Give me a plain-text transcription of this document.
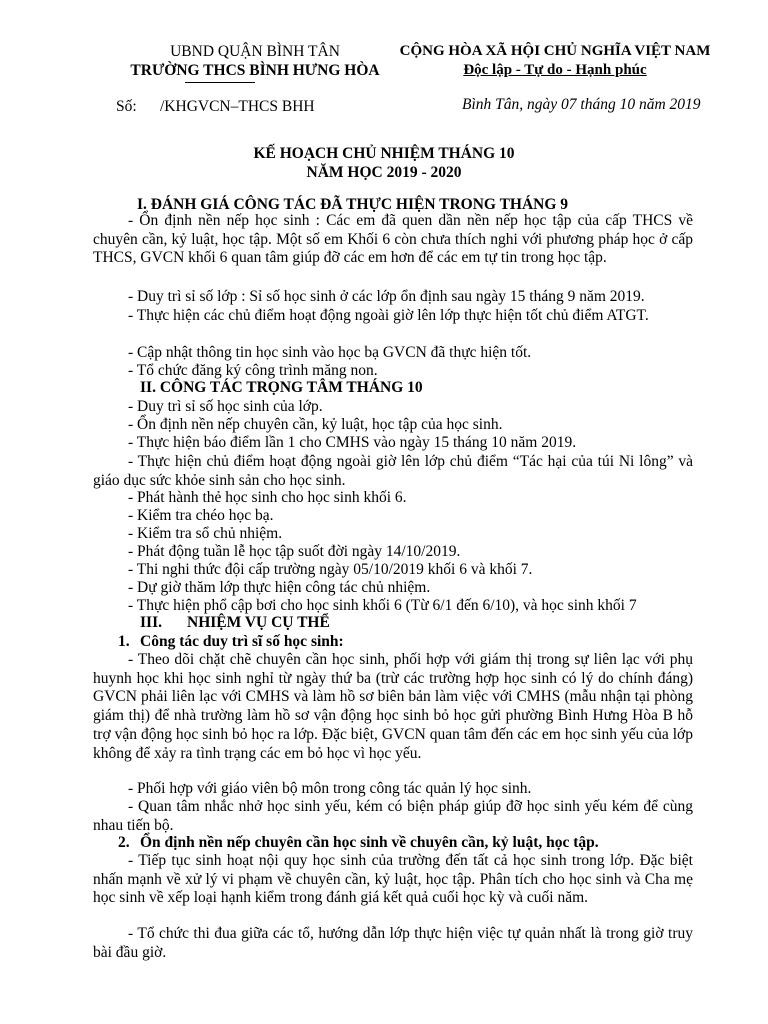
UBND QUẬN BÌNH TÂN
TRƯỜNG THCS BÌNH HƯNG HÒA
CỘNG HÒA XÃ HỘI CHỦ NGHĨA VIỆT NAM
Độc lập - Tự do - Hạnh phúc
Số: /KHGVCN–THCS BHH	Bình Tân, ngày 07 tháng 10 năm 2019
KẾ HOẠCH CHỦ NHIỆM THÁNG 10
NĂM HỌC 2019 - 2020
I. ĐÁNH GIÁ CÔNG TÁC ĐÃ THỰC HIỆN TRONG THÁNG 9
- Ổn định nền nếp học sinh : Các em đã quen dần nền nếp học tập của cấp THCS về chuyên cần, kỷ luật, học tập. Một số em Khối 6 còn chưa thích nghi với phương pháp học ở cấp THCS, GVCN khối 6 quan tâm giúp đỡ các em hơn để các em tự tin trong học tập.
- Duy trì sỉ số lớp : Sỉ số học sinh ở các lớp ổn định sau ngày 15 tháng 9 năm 2019.
- Thực hiện các chủ điểm hoạt động ngoài giờ lên lớp thực hiện tốt chủ điểm ATGT.
- Cập nhật thông tin học sinh vào học bạ GVCN đã thực hiện tốt.
- Tổ chức đăng ký công trình măng non.
II. CÔNG TÁC TRỌNG TÂM THÁNG 10
- Duy trì sỉ số học sinh của lớp.
- Ổn định nền nếp chuyên cần, kỷ luật, học tập của học sinh.
- Thực hiện báo điểm lần 1 cho CMHS vào ngày 15 tháng 10 năm 2019.
- Thực hiện chủ điểm hoạt động ngoài giờ lên lớp chủ điểm “Tác hại của túi Ni lông” và giáo dục sức khỏe sinh sản cho học sinh.
- Phát hành thẻ học sinh cho học sinh khối 6.
- Kiểm tra chéo học bạ.
- Kiểm tra sổ chủ nhiệm.
- Phát động tuần lễ học tập suốt đời ngày 14/10/2019.
- Thi nghi thức đội cấp trường ngày 05/10/2019 khối 6 và khối 7.
- Dự giờ thăm lớp thực hiện công tác chủ nhiệm.
- Thực hiện phổ cập bơi cho học sinh khối 6 (Từ 6/1 đến 6/10), và học sinh khối 7
III. NHIỆM VỤ CỤ THỂ
1. Công tác duy trì sĩ số học sinh:
- Theo dõi chặt chẽ chuyên cần học sinh, phối hợp với giám thị trong sự liên lạc với phụ huynh học khi học sinh nghỉ từ ngày thứ ba (trừ các trường hợp học sinh có lý do chính đáng) GVCN phải liên lạc với CMHS và làm hồ sơ biên bản làm việc với CMHS (mẫu nhận tại phòng giám thị) để nhà trường làm hồ sơ vận động học sinh bỏ học gửi phường Bình Hưng Hòa B hỗ trợ vận động học sinh bỏ học ra lớp. Đặc biệt, GVCN quan tâm đến các em học sinh yếu của lớp không để xảy ra tình trạng các em bỏ học vì học yếu.
- Phối hợp với giáo viên bộ môn trong công tác quản lý học sinh.
- Quan tâm nhắc nhở học sinh yếu, kém có biện pháp giúp đỡ học sinh yếu kém để cùng nhau tiến bộ.
2. Ổn định nền nếp chuyên cần học sinh về chuyên cần, kỷ luật, học tập.
- Tiếp tục sinh hoạt nội quy học sinh của trường đến tất cả học sinh trong lớp. Đặc biệt nhấn mạnh về xử lý vi phạm về chuyên cần, kỷ luật, học tập. Phân tích cho học sinh và Cha mẹ học sinh về xếp loại hạnh kiểm trong đánh giá kết quả cuối học kỳ và cuối năm.
- Tổ chức thi đua giữa các tổ, hướng dẫn lớp thực hiện việc tự quản nhất là trong giờ truy bài đầu giờ.
